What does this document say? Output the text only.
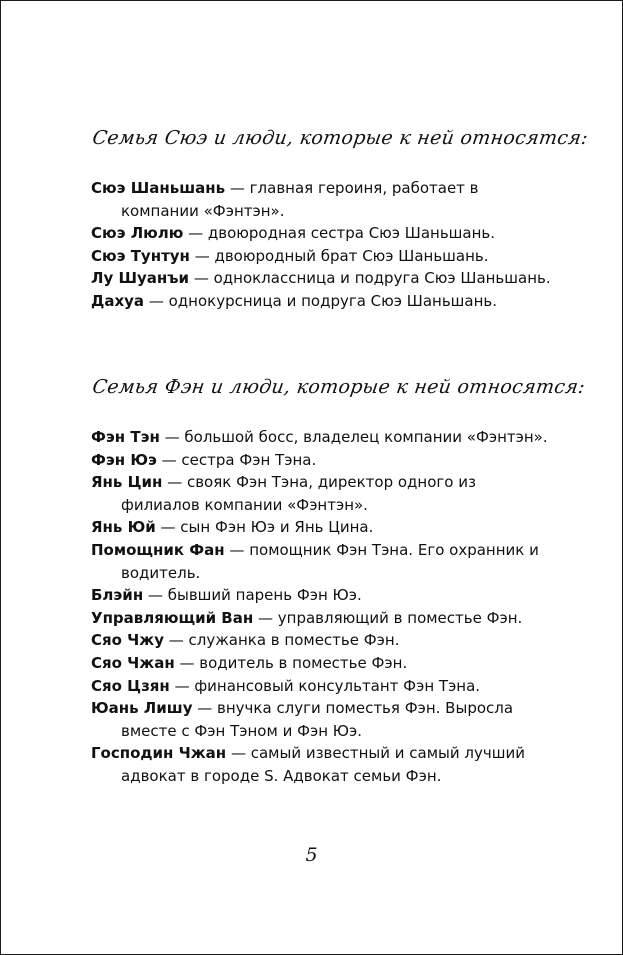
Семья Сюэ и люди, которые к ней относятся:

Сюэ Шаньшань — главная героиня, работает в компании «Фэнтэн».

Сюэ Люлю — двоюродная сестра Сюэ Шаньшань.

Сюэ Тунтун — двоюродный брат Сюэ Шаньшань.

Лу Шуанъи — одноклассница и подруга Сюэ Шаньшань.

Дахуа — однокурсница и подруга Сюэ Шаньшань.

Семья Фэн и люди, которые к ней относятся:

Фэн Тэн — большой босс, владелец компании «Фэнтэн».

Фэн Юэ — сестра Фэн Тэна.

Янь Цин — свояк Фэн Тэна, директор одного из филиалов компании «Фэнтэн».

Янь Юй — сын Фэн Юэ и Янь Цина.

Помощник Фан — помощник Фэн Тэна. Его охранник и водитель.

Блэйн — бывший парень Фэн Юэ.

Управляющий Ван — управляющий в поместье Фэн.

Сяо Чжу — служанка в поместье Фэн.

Сяо Чжан — водитель в поместье Фэн.

Сяо Цзян — финансовый консультант Фэн Тэна.

Юань Лишу — внучка слуги поместья Фэн. Выросла вместе с Фэн Тэном и Фэн Юэ.

Господин Чжан — самый известный и самый лучший адвокат в городе S. Адвокат семьи Фэн.

5
